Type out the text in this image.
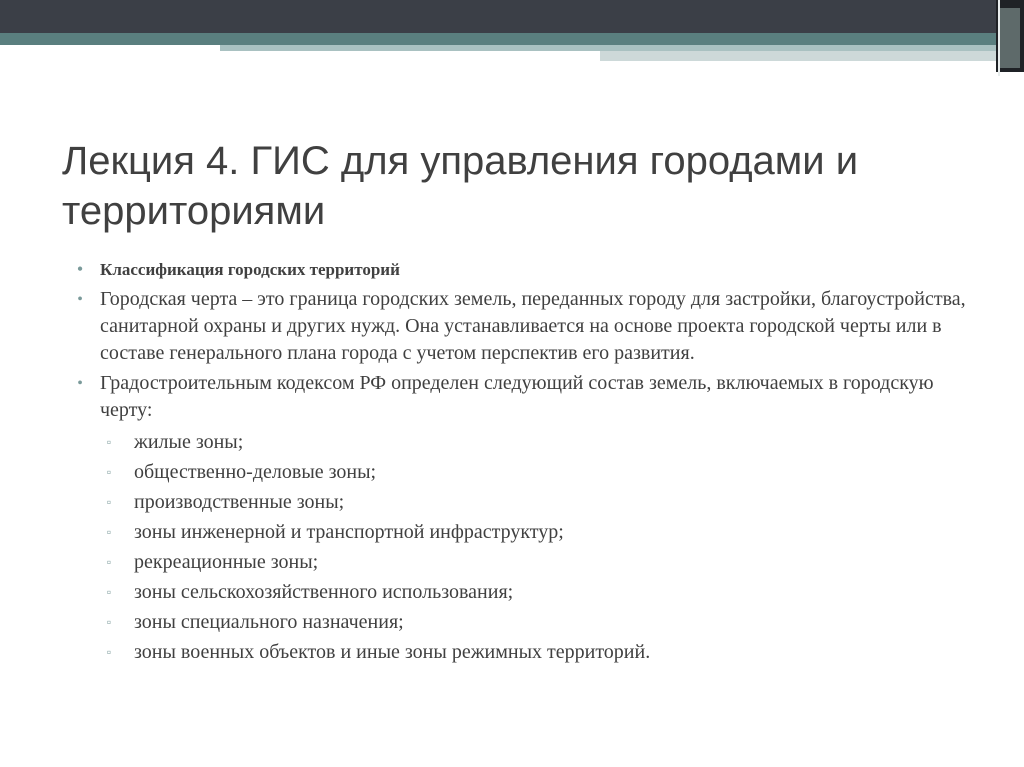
Лекция 4. ГИС для управления городами и территориями
•	Классификация городских территорий
• Городская черта – это граница городских земель, переданных городу для застройки, благоустройства, санитарной охраны и других нужд. Она устанавливается на основе проекта городской черты или в составе генерального плана города с учетом перспектив его развития.
• Градостроительным кодексом РФ определен следующий состав земель, включаемых в городскую черту:
▫ жилые зоны;
▫ общественно-деловые зоны;
▫ производственные зоны;
▫ зоны инженерной и транспортной инфраструктур;
▫ рекреационные зоны;
▫ зоны сельскохозяйственного использования;
▫ зоны специального назначения;
▫ зоны военных объектов и иные зоны режимных территорий.
